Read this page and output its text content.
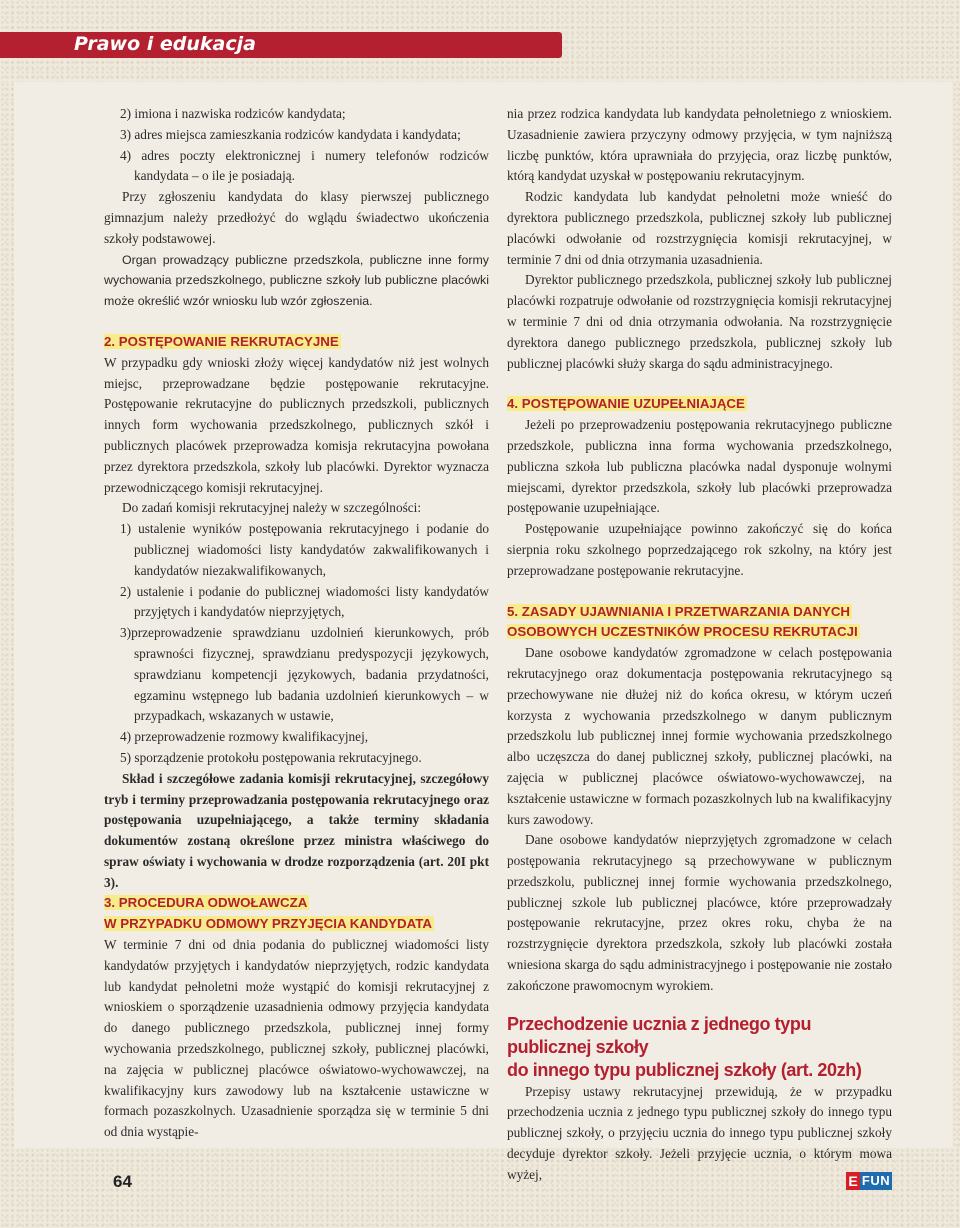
Prawo i edukacja
64	E FUN

2) imiona i nazwiska rodziców kandydata;

3) adres miejsca zamieszkania rodziców kandydata i kandydata;

4) adres poczty elektronicznej i numery telefonów rodziców kandydata – o ile je posiadają.

Przy zgłoszeniu kandydata do klasy pierwszej publicznego gimnazjum należy przedłożyć do wglądu świadectwo ukończenia szkoły podstawowej.

Organ prowadzący publiczne przedszkola, publiczne inne formy wychowania przedszkolnego, publiczne szkoły lub publiczne placówki może określić wzór wniosku lub wzór zgłoszenia.

2. POSTĘPOWANIE REKRUTACYJNE

W przypadku gdy wnioski złoży więcej kandydatów niż jest wolnych miejsc, przeprowadzane będzie postępowanie rekrutacyjne. Postępowanie rekrutacyjne do publicznych przedszkoli, publicznych innych form wychowania przedszkolnego, publicznych szkół i publicznych placówek przeprowadza komisja rekrutacyjna powołana przez dyrektora przedszkola, szkoły lub placówki. Dyrektor wyznacza przewodniczącego komisji rekrutacyjnej.

Do zadań komisji rekrutacyjnej należy w szczególności:

1) ustalenie wyników postępowania rekrutacyjnego i podanie do publicznej wiadomości listy kandydatów zakwalifikowanych i kandydatów niezakwalifikowanych,

2) ustalenie i podanie do publicznej wiadomości listy kandydatów przyjętych i kandydatów nieprzyjętych,

3)przeprowadzenie sprawdzianu uzdolnień kierunkowych, prób sprawności fizycznej, sprawdzianu predyspozycji językowych, sprawdzianu kompetencji językowych, badania przydatności, egzaminu wstępnego lub badania uzdolnień kierunkowych – w przypadkach, wskazanych w ustawie,

4) przeprowadzenie rozmowy kwalifikacyjnej,

5) sporządzenie protokołu postępowania rekrutacyjnego.

Skład i szczegółowe zadania komisji rekrutacyjnej, szczegółowy tryb i terminy przeprowadzania postępowania rekrutacyjnego oraz postępowania uzupełniającego, a także terminy składania dokumentów zostaną określone przez ministra właściwego do spraw oświaty i wychowania w drodze rozporządzenia (art. 20I pkt 3).

3. PROCEDURA ODWOŁAWCZA
W PRZYPADKU ODMOWY PRZYJĘCIA KANDYDATA

W terminie 7 dni od dnia podania do publicznej wiadomości listy kandydatów przyjętych i kandydatów nieprzyjętych, rodzic kandydata lub kandydat pełnoletni może wystąpić do komisji rekrutacyjnej z wnioskiem o sporządzenie uzasadnienia odmowy przyjęcia kandydata do danego publicznego przedszkola, publicznej innej formy wychowania przedszkolnego, publicznej szkoły, publicznej placówki, na zajęcia w publicznej placówce oświatowo-wychowawczej, na kwalifikacyjny kurs zawodowy lub na kształcenie ustawiczne w formach pozaszkolnych. Uzasadnienie sporządza się w terminie 5 dni od dnia wystąpie-

nia przez rodzica kandydata lub kandydata pełnoletniego z wnioskiem. Uzasadnienie zawiera przyczyny odmowy przyjęcia, w tym najniższą liczbę punktów, która uprawniała do przyjęcia, oraz liczbę punktów, którą kandydat uzyskał w postępowaniu rekrutacyjnym.

Rodzic kandydata lub kandydat pełnoletni może wnieść do dyrektora publicznego przedszkola, publicznej szkoły lub publicznej placówki odwołanie od rozstrzygnięcia komisji rekrutacyjnej, w terminie 7 dni od dnia otrzymania uzasadnienia.

Dyrektor publicznego przedszkola, publicznej szkoły lub publicznej placówki rozpatruje odwołanie od rozstrzygnięcia komisji rekrutacyjnej w terminie 7 dni od dnia otrzymania odwołania. Na rozstrzygnięcie dyrektora danego publicznego przedszkola, publicznej szkoły lub publicznej placówki służy skarga do sądu administracyjnego.

4. POSTĘPOWANIE UZUPEŁNIAJĄCE

Jeżeli po przeprowadzeniu postępowania rekrutacyjnego publiczne przedszkole, publiczna inna forma wychowania przedszkolnego, publiczna szkoła lub publiczna placówka nadal dysponuje wolnymi miejscami, dyrektor przedszkola, szkoły lub placówki przeprowadza postępowanie uzupełniające.

Postępowanie uzupełniające powinno zakończyć się do końca sierpnia roku szkolnego poprzedzającego rok szkolny, na który jest przeprowadzane postępowanie rekrutacyjne.

5. ZASADY UJAWNIANIA I PRZETWARZANIA DANYCH
OSOBOWYCH UCZESTNIKÓW PROCESU REKRUTACJI

Dane osobowe kandydatów zgromadzone w celach postępowania rekrutacyjnego oraz dokumentacja postępowania rekrutacyjnego są przechowywane nie dłużej niż do końca okresu, w którym uczeń korzysta z wychowania przedszkolnego w danym publicznym przedszkolu lub publicznej innej formie wychowania przedszkolnego albo uczęszcza do danej publicznej szkoły, publicznej placówki, na zajęcia w publicznej placówce oświatowo-wychowawczej, na kształcenie ustawiczne w formach pozaszkolnych lub na kwalifikacyjny kurs zawodowy.

Dane osobowe kandydatów nieprzyjętych zgromadzone w celach postępowania rekrutacyjnego są przechowywane w publicznym przedszkolu, publicznej innej formie wychowania przedszkolnego, publicznej szkole lub publicznej placówce, które przeprowadzały postępowanie rekrutacyjne, przez okres roku, chyba że na rozstrzygnięcie dyrektora przedszkola, szkoły lub placówki została wniesiona skarga do sądu administracyjnego i postępowanie nie zostało zakończone prawomocnym wyrokiem.

Przechodzenie ucznia z jednego typu publicznej szkoły
do innego typu publicznej szkoły (art. 20zh)

Przepisy ustawy rekrutacyjnej przewidują, że w przypadku przechodzenia ucznia z jednego typu publicznej szkoły do innego typu publicznej szkoły, o przyjęciu ucznia do innego typu publicznej szkoły decyduje dyrektor szkoły. Jeżeli przyjęcie ucznia, o którym mowa wyżej,
